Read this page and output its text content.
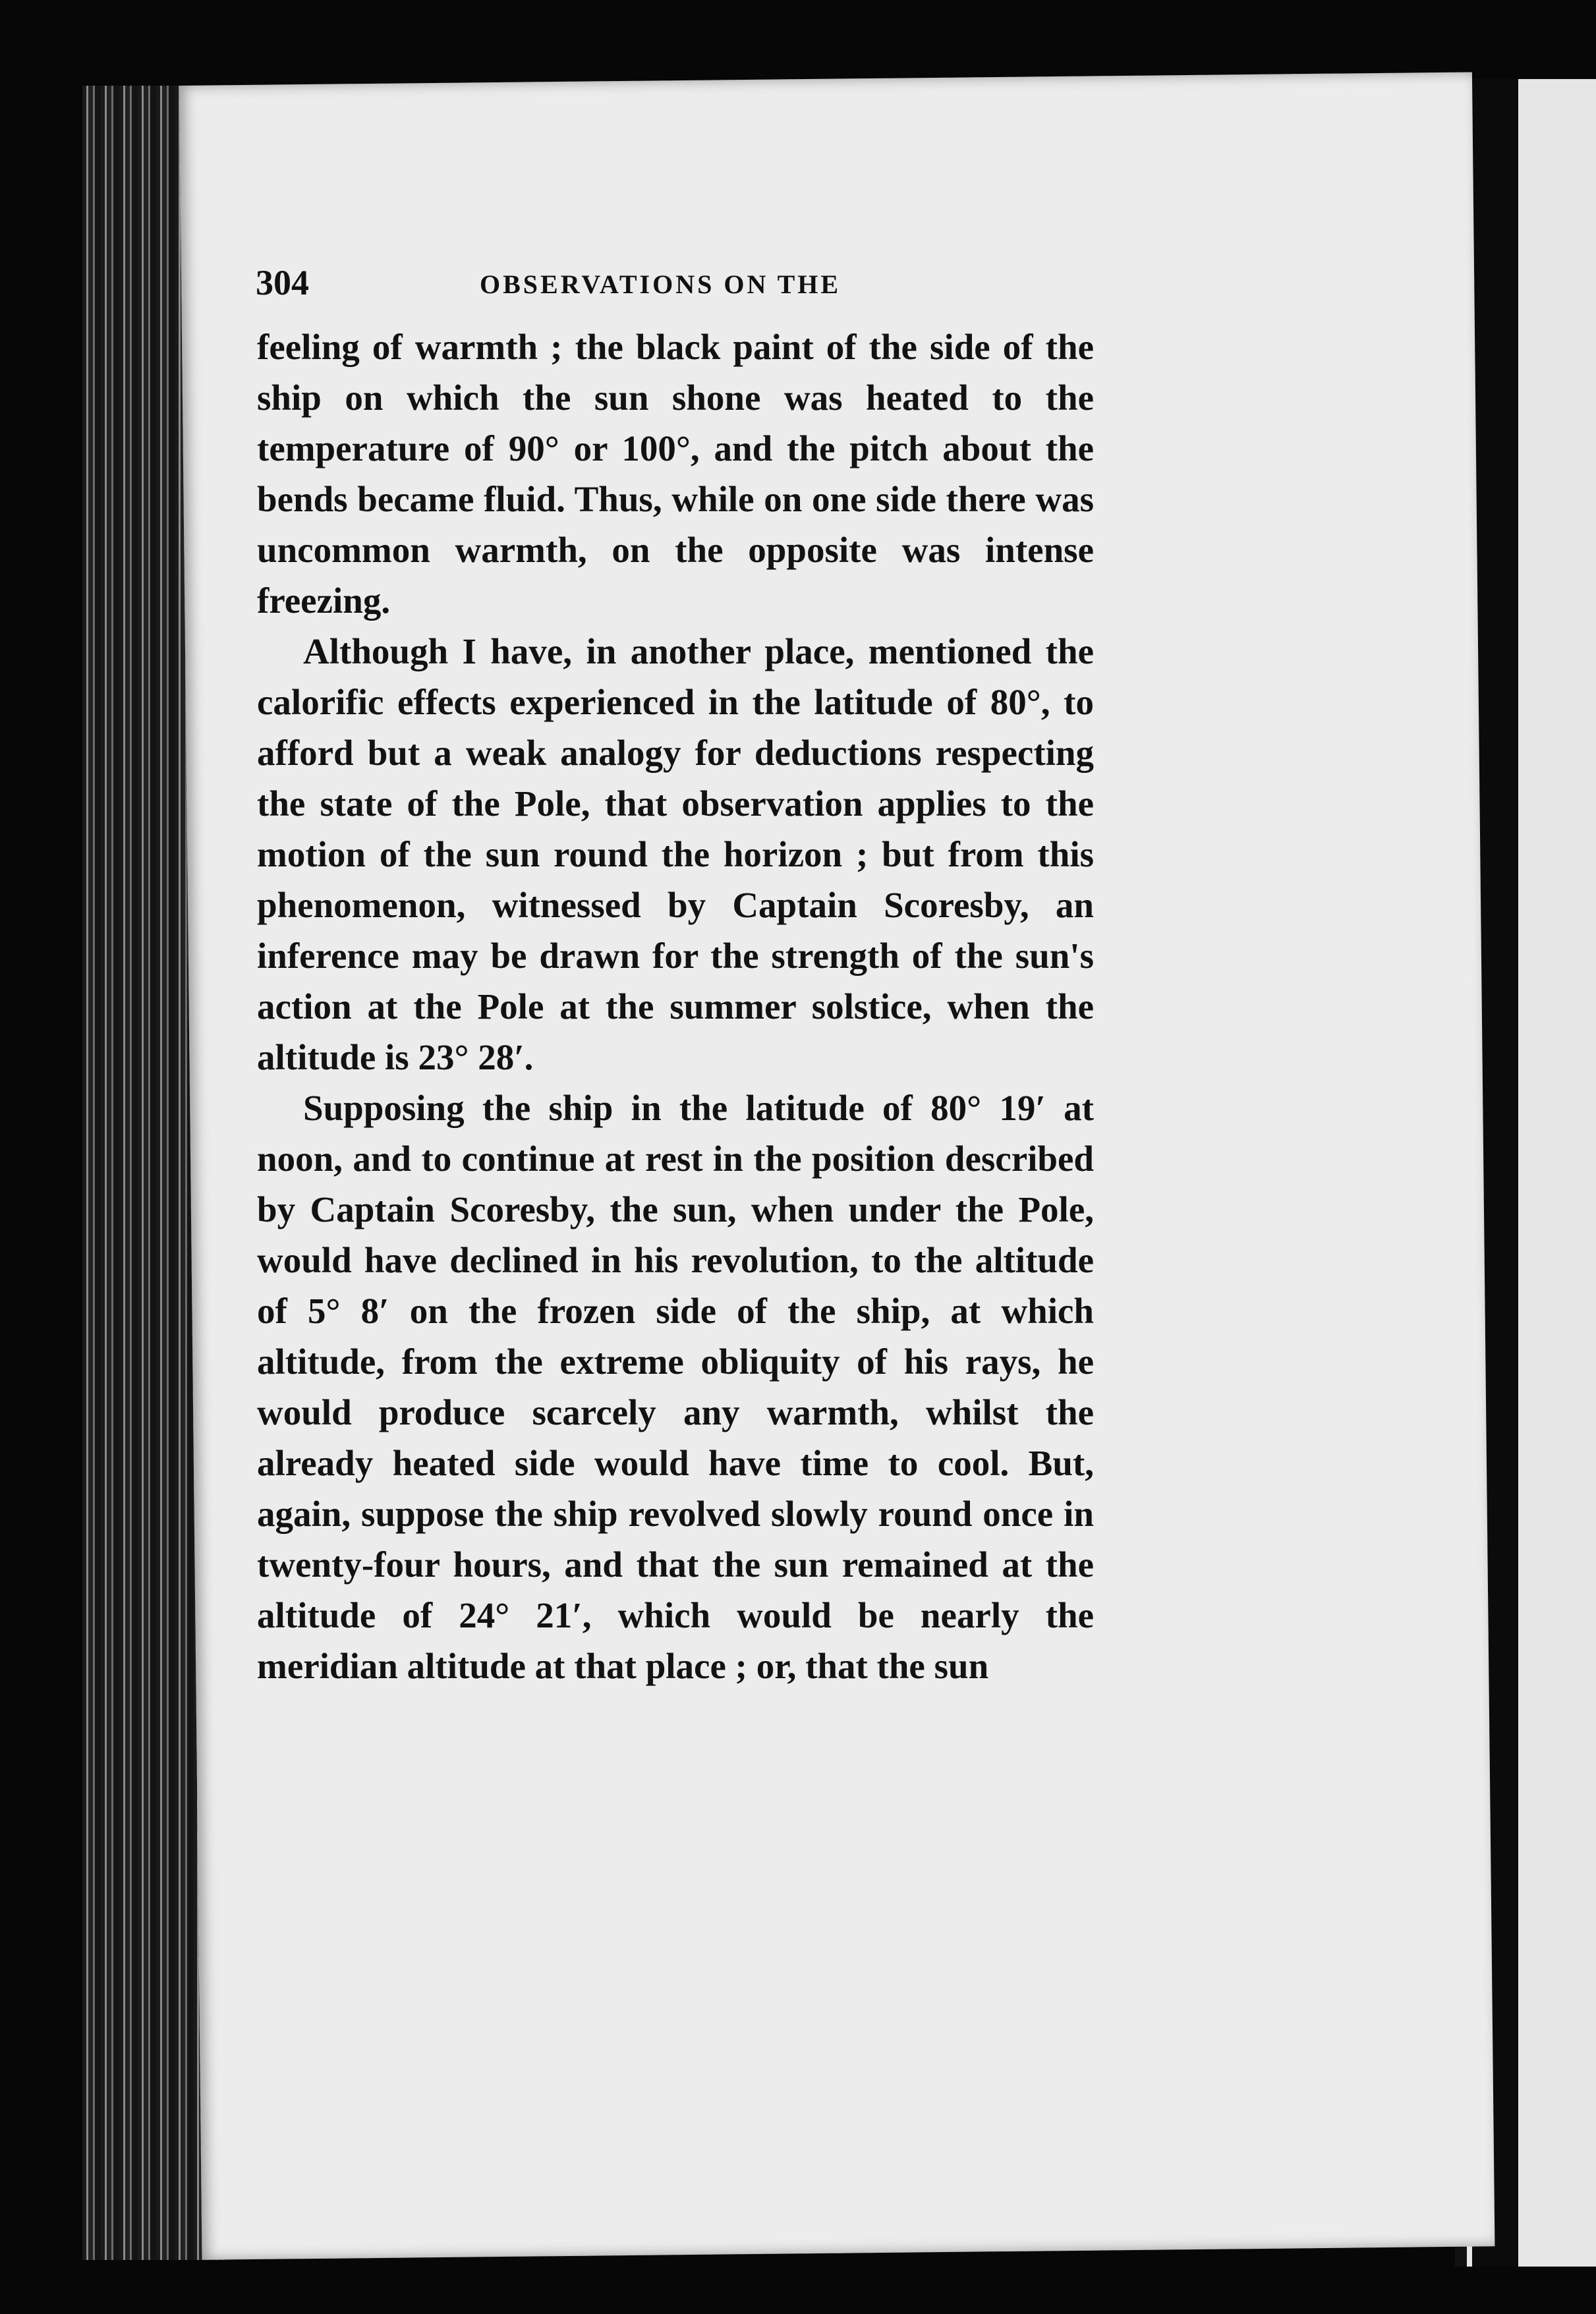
304	OBSERVATIONS ON THE

feeling of warmth ; the black paint of the side of the ship on which the sun shone was heated to the temperature of 90° or 100°, and the pitch about the bends became fluid. Thus, while on one side there was uncommon warmth, on the opposite was intense freezing.

Although I have, in another place, mentioned the calorific effects experienced in the latitude of 80°, to afford but a weak analogy for deductions respecting the state of the Pole, that observation applies to the motion of the sun round the horizon ; but from this phenomenon, witnessed by Captain Scoresby, an inference may be drawn for the strength of the sun's action at the Pole at the summer solstice, when the altitude is 23° 28′.

Supposing the ship in the latitude of 80° 19′ at noon, and to continue at rest in the position described by Captain Scoresby, the sun, when under the Pole, would have declined in his revolution, to the altitude of 5° 8′ on the frozen side of the ship, at which altitude, from the extreme obliquity of his rays, he would produce scarcely any warmth, whilst the already heated side would have time to cool. But, again, suppose the ship revolved slowly round once in twenty-four hours, and that the sun remained at the altitude of 24° 21′, which would be nearly the meridian altitude at that place ; or, that the sun
